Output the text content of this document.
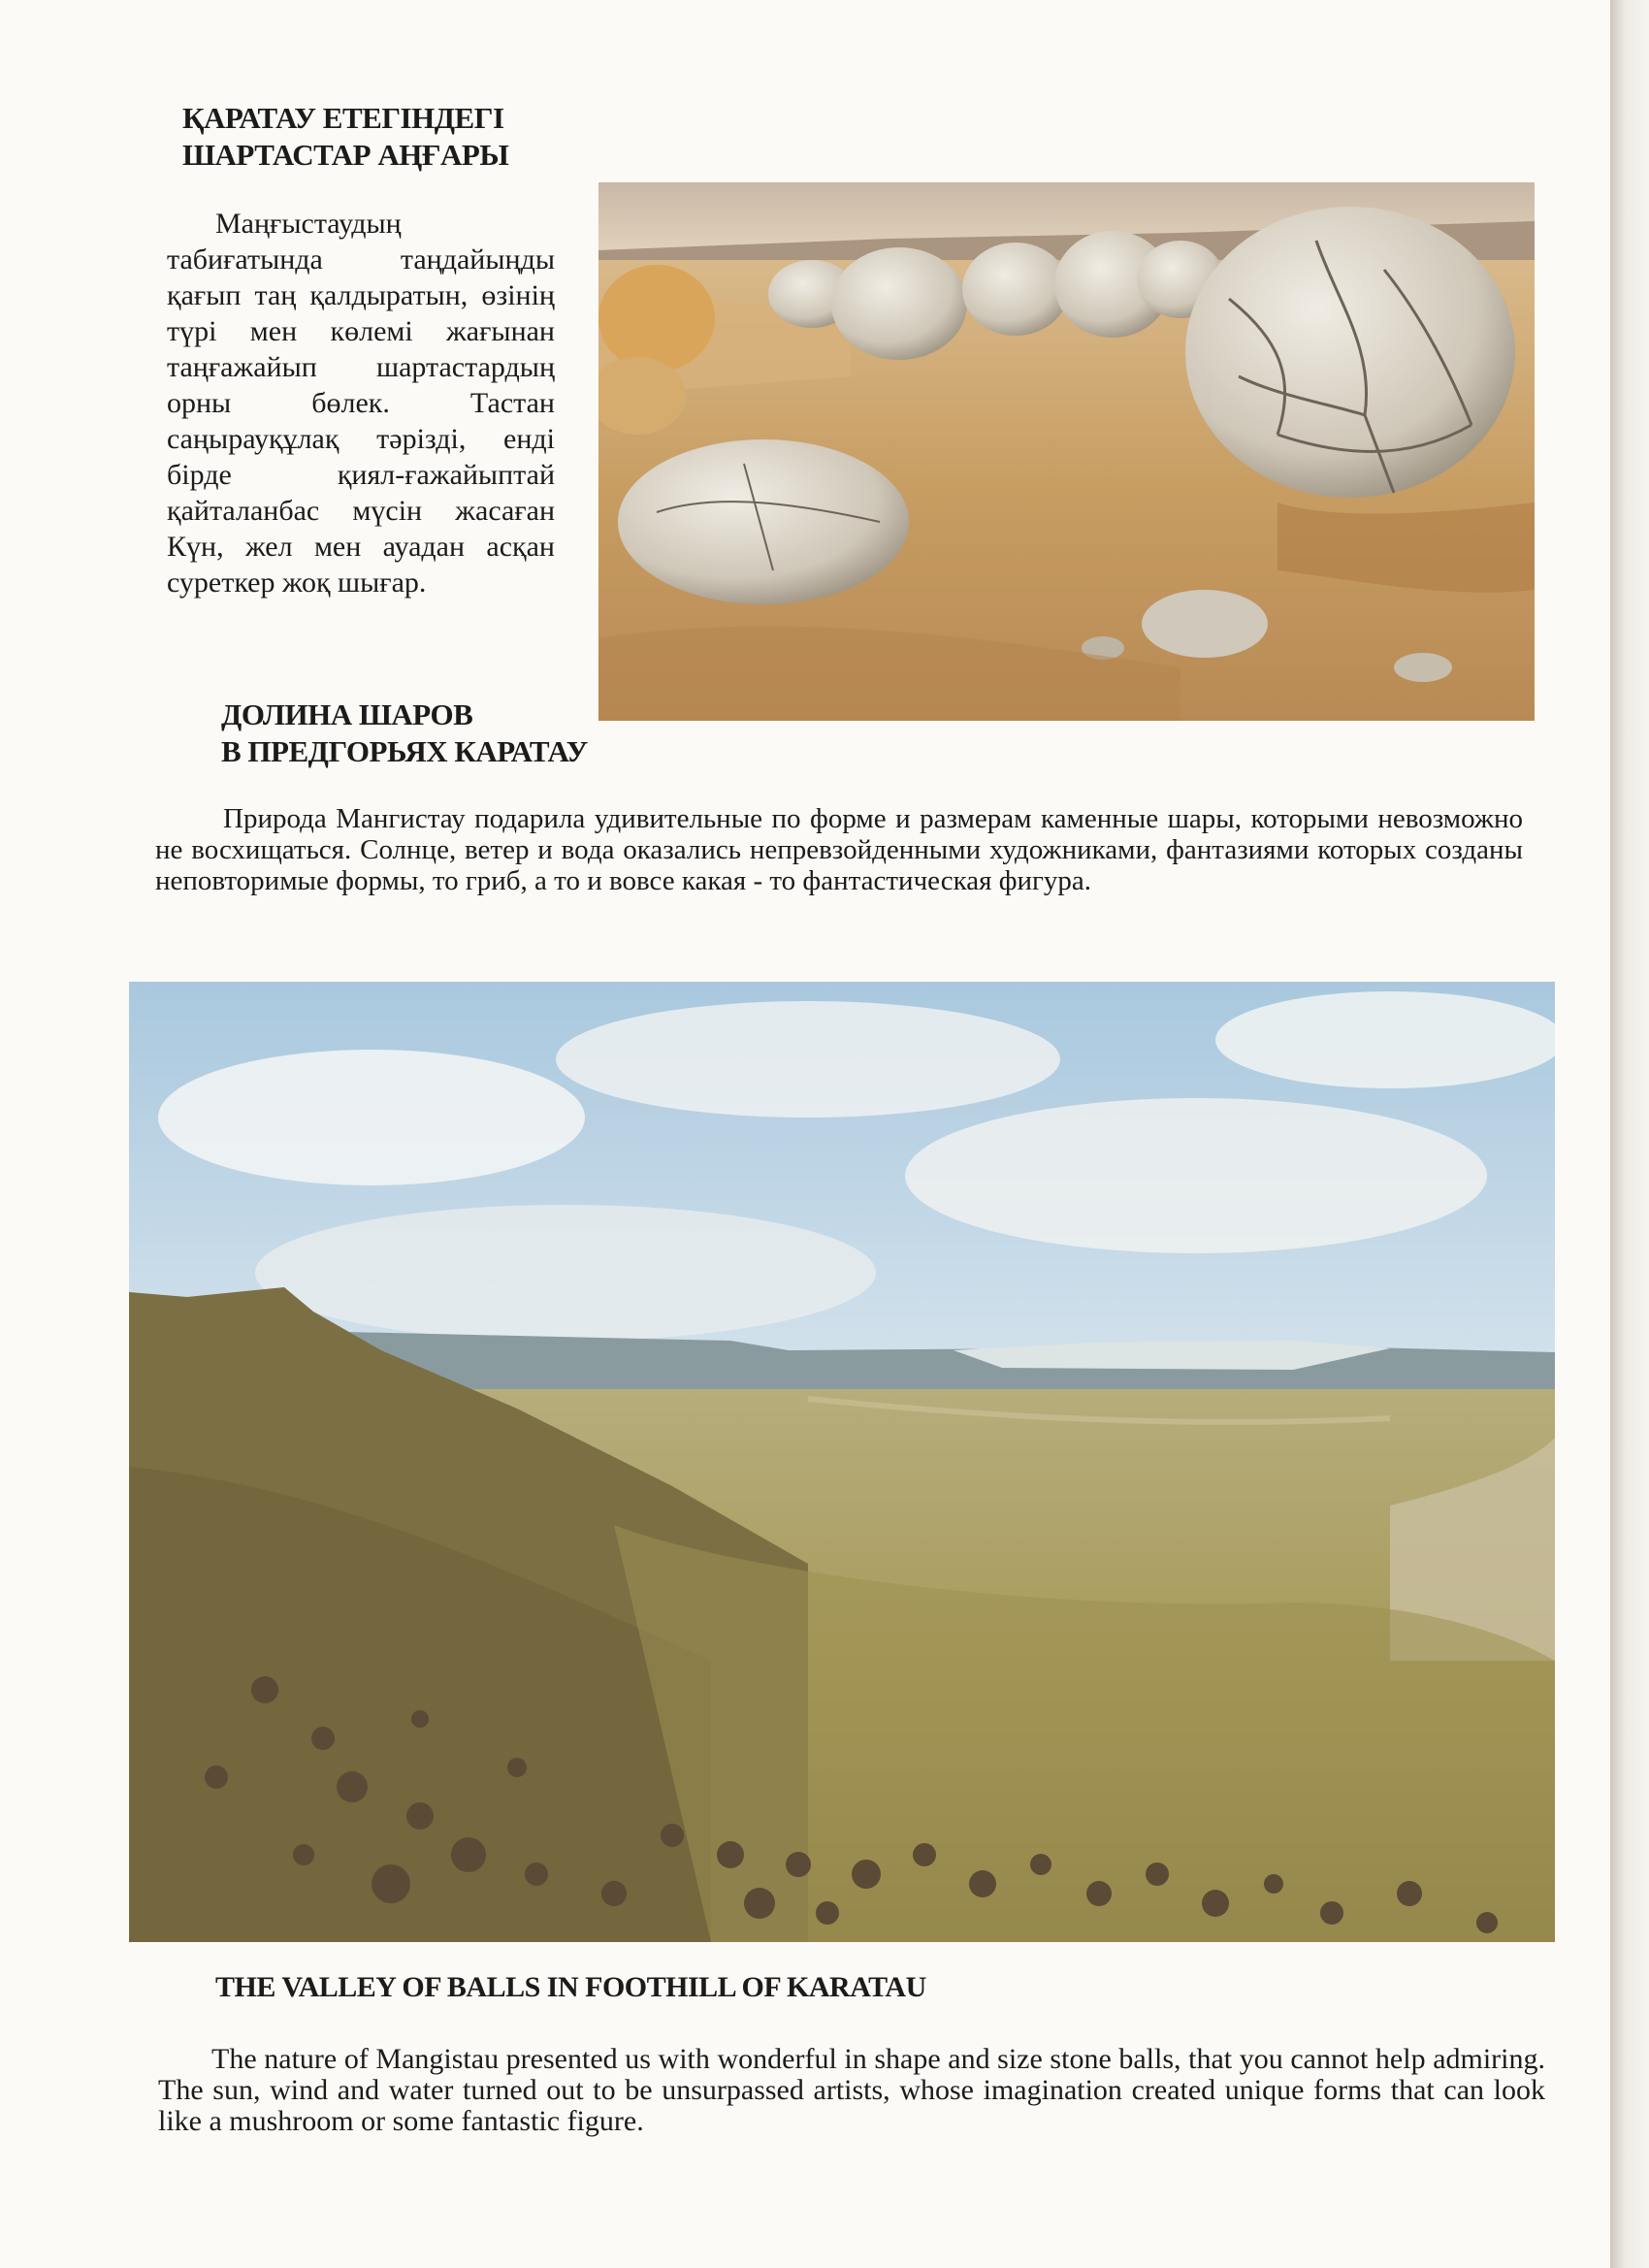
ҚАРАТАУ ЕТЕГІНДЕГІ
ШАРТАСТАР АҢҒАРЫ

Маңғыстаудың табиғатында таңдайыңды қағып таң қалдыратын, өзінің түрі мен көлемі жағынан таңғажайып шартастардың орны бөлек. Тастан саңырауқұлақ тәрізді, енді бірде қиял-ғажайыптай қайталанбас мүсін жасаған Күн, жел мен ауадан асқан суреткер жоқ шығар.

ДОЛИНА ШАРОВ
В ПРЕДГОРЬЯХ КАРАТАУ

Природа Мангистау подарила удивительные по форме и размерам каменные шары, которыми невозможно не восхищаться. Солнце, ветер и вода оказались непревзойденными художниками, фантазиями которых созданы неповторимые формы, то гриб, а то и вовсе какая - то фантастическая фигура.

THE VALLEY OF BALLS IN FOOTHILL OF KARATAU

The nature of Mangistau presented us with wonderful in shape and size stone balls, that you cannot help admiring. The sun, wind and water turned out to be unsurpassed artists, whose imagination created unique forms that can look like a mushroom or some fantastic figure.
